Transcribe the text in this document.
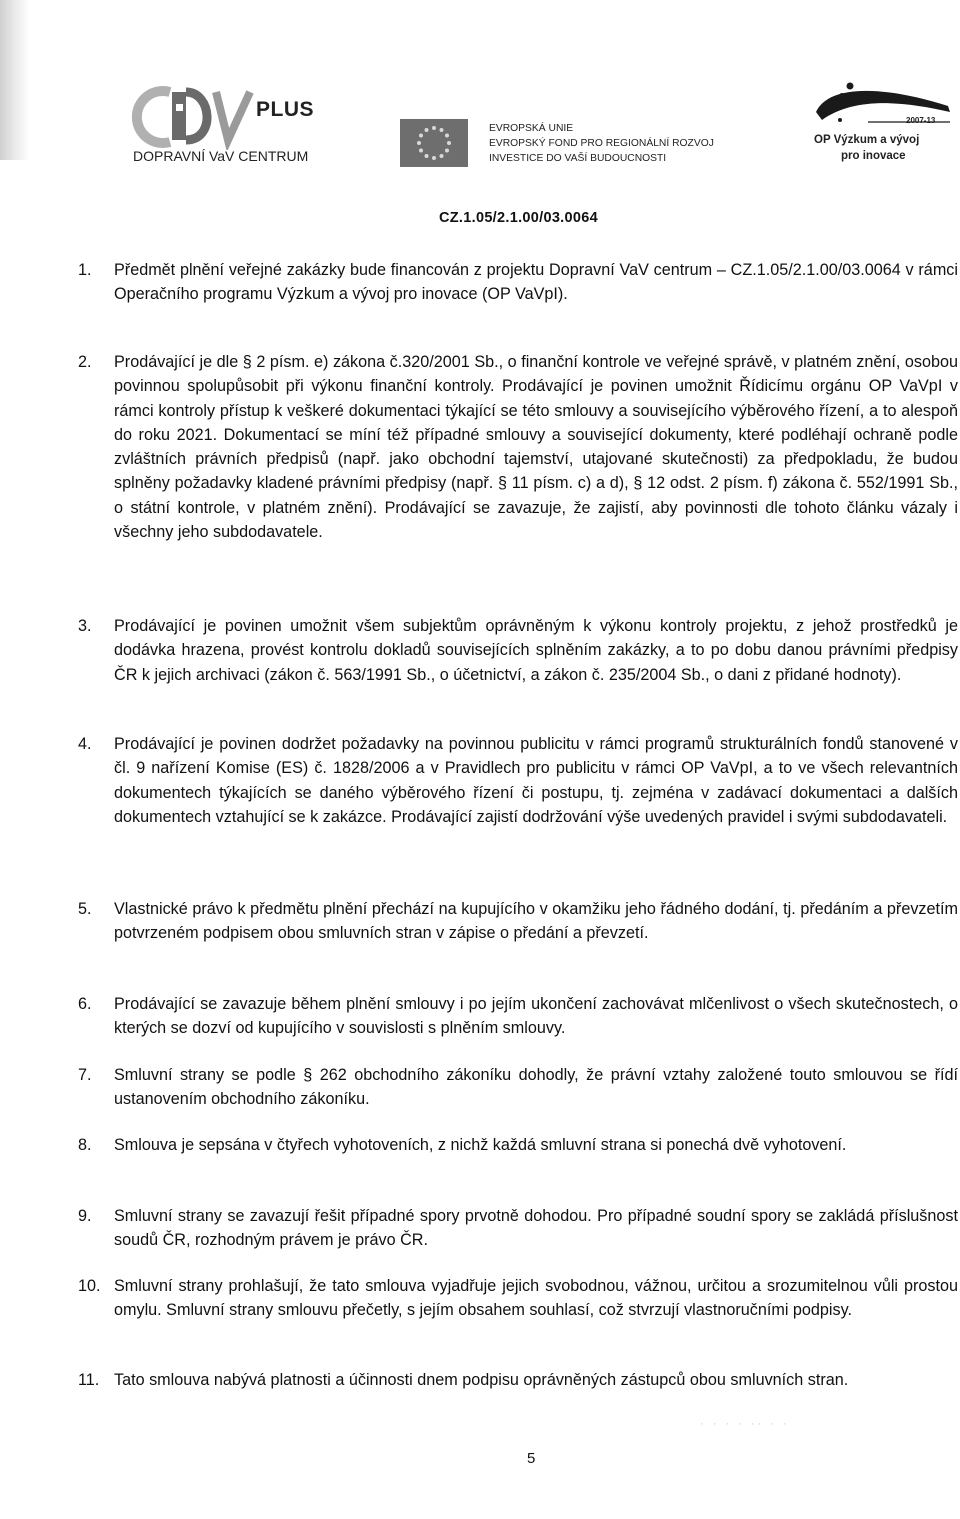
PLUS
DOPRAVNÍ VaV CENTRUM
EVROPSKÁ UNIE
EVROPSKÝ FOND PRO REGIONÁLNÍ ROZVOJ
INVESTICE DO VAŠÍ BUDOUCNOSTI
2007-13
OP Výzkum a vývoj
pro inovace
CZ.1.05/2.1.00/03.0064
1. Předmět plnění veřejné zakázky bude financován z projektu Dopravní VaV centrum – CZ.1.05/2.1.00/03.0064 v rámci Operačního programu Výzkum a vývoj pro inovace (OP VaVpI).
2. Prodávající je dle § 2 písm. e) zákona č.320/2001 Sb., o finanční kontrole ve veřejné správě, v platném znění, osobou povinnou spolupůsobit při výkonu finanční kontroly. Prodávající je povinen umožnit Řídicímu orgánu OP VaVpI v rámci kontroly přístup k veškeré dokumentaci týkající se této smlouvy a souvisejícího výběrového řízení, a to alespoň do roku 2021. Dokumentací se míní též případné smlouvy a související dokumenty, které podléhají ochraně podle zvláštních právních předpisů (např. jako obchodní tajemství, utajované skutečnosti) za předpokladu, že budou splněny požadavky kladené právními předpisy (např. § 11 písm. c) a d), § 12 odst. 2 písm. f) zákona č. 552/1991 Sb., o státní kontrole, v platném znění). Prodávající se zavazuje, že zajistí, aby povinnosti dle tohoto článku vázaly i všechny jeho subdodavatele.
3. Prodávající je povinen umožnit všem subjektům oprávněným k výkonu kontroly projektu, z jehož prostředků je dodávka hrazena, provést kontrolu dokladů souvisejících splněním zakázky, a to po dobu danou právními předpisy ČR k jejich archivaci (zákon č. 563/1991 Sb., o účetnictví, a zákon č. 235/2004 Sb., o dani z přidané hodnoty).
4. Prodávající je povinen dodržet požadavky na povinnou publicitu v rámci programů strukturálních fondů stanovené v čl. 9 nařízení Komise (ES) č. 1828/2006 a v Pravidlech pro publicitu v rámci OP VaVpI, a to ve všech relevantních dokumentech týkajících se daného výběrového řízení či postupu, tj. zejména v zadávací dokumentaci a dalších dokumentech vztahující se k zakázce. Prodávající zajistí dodržování výše uvedených pravidel i svými subdodavateli.
5. Vlastnické právo k předmětu plnění přechází na kupujícího v okamžiku jeho řádného dodání, tj. předáním a převzetím potvrzeném podpisem obou smluvních stran v zápise o předání a převzetí.
6. Prodávající se zavazuje během plnění smlouvy i po jejím ukončení zachovávat mlčenlivost o všech skutečnostech, o kterých se dozví od kupujícího v souvislosti s plněním smlouvy.
7. Smluvní strany se podle § 262 obchodního zákoníku dohodly, že právní vztahy založené touto smlouvou se řídí ustanovením obchodního zákoníku.
8. Smlouva je sepsána v čtyřech vyhotoveních, z nichž každá smluvní strana si ponechá dvě vyhotovení.
9. Smluvní strany se zavazují řešit případné spory prvotně dohodou. Pro případné soudní spory se zakládá příslušnost soudů ČR, rozhodným právem je právo ČR.
10. Smluvní strany prohlašují, že tato smlouva vyjadřuje jejich svobodnou, vážnou, určitou a srozumitelnou vůli prostou omylu. Smluvní strany smlouvu přečetly, s jejím obsahem souhlasí, což stvrzují vlastnoručními podpisy.
11. Tato smlouva nabývá platnosti a účinnosti dnem podpisu oprávněných zástupců obou smluvních stran.
5
· · · · ·· · ·
